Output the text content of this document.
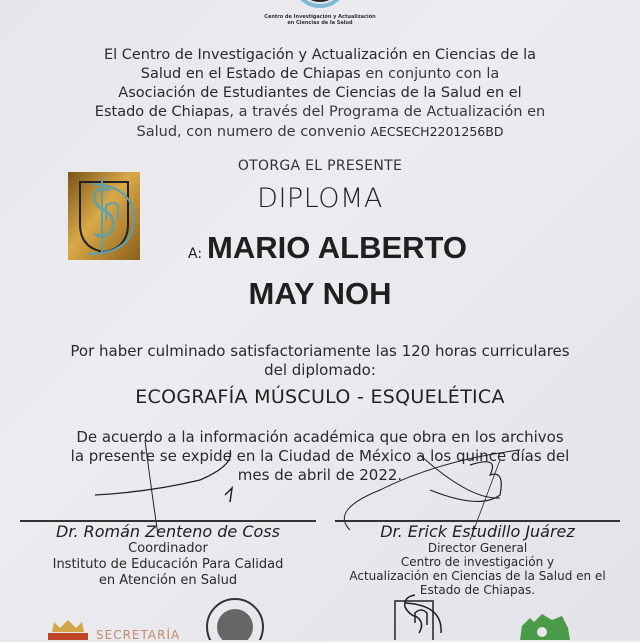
Centro de Investigación y Actualización
en Ciencias de la Salud
El Centro de Investigación y Actualización en Ciencias de la
Salud en el Estado de Chiapas en conjunto con la
Asociación de Estudiantes de Ciencias de la Salud en el
Estado de Chiapas, a través del Programa de Actualización en
Salud, con numero de convenio AECSECH2201256BD
OTORGA EL PRESENTE
DIPLOMA
A: MARIO ALBERTO
MAY NOH
Por haber culminado satisfactoriamente las 120 horas curriculares
del diplomado:
ECOGRAFÍA MÚSCULO - ESQUELÉTICA
De acuerdo a la información académica que obra en los archivos
la presente se expide en la Ciudad de México a los quince días del
mes de abril de 2022.
Dr. Román Zenteno de Coss
Coordinador
Instituto de Educación Para Calidad
en Atención en Salud
Dr. Erick Estudillo Juárez
Director General
Centro de investigación y
Actualización en Ciencias de la Salud en el
Estado de Chiapas.
SECRETARÍA
